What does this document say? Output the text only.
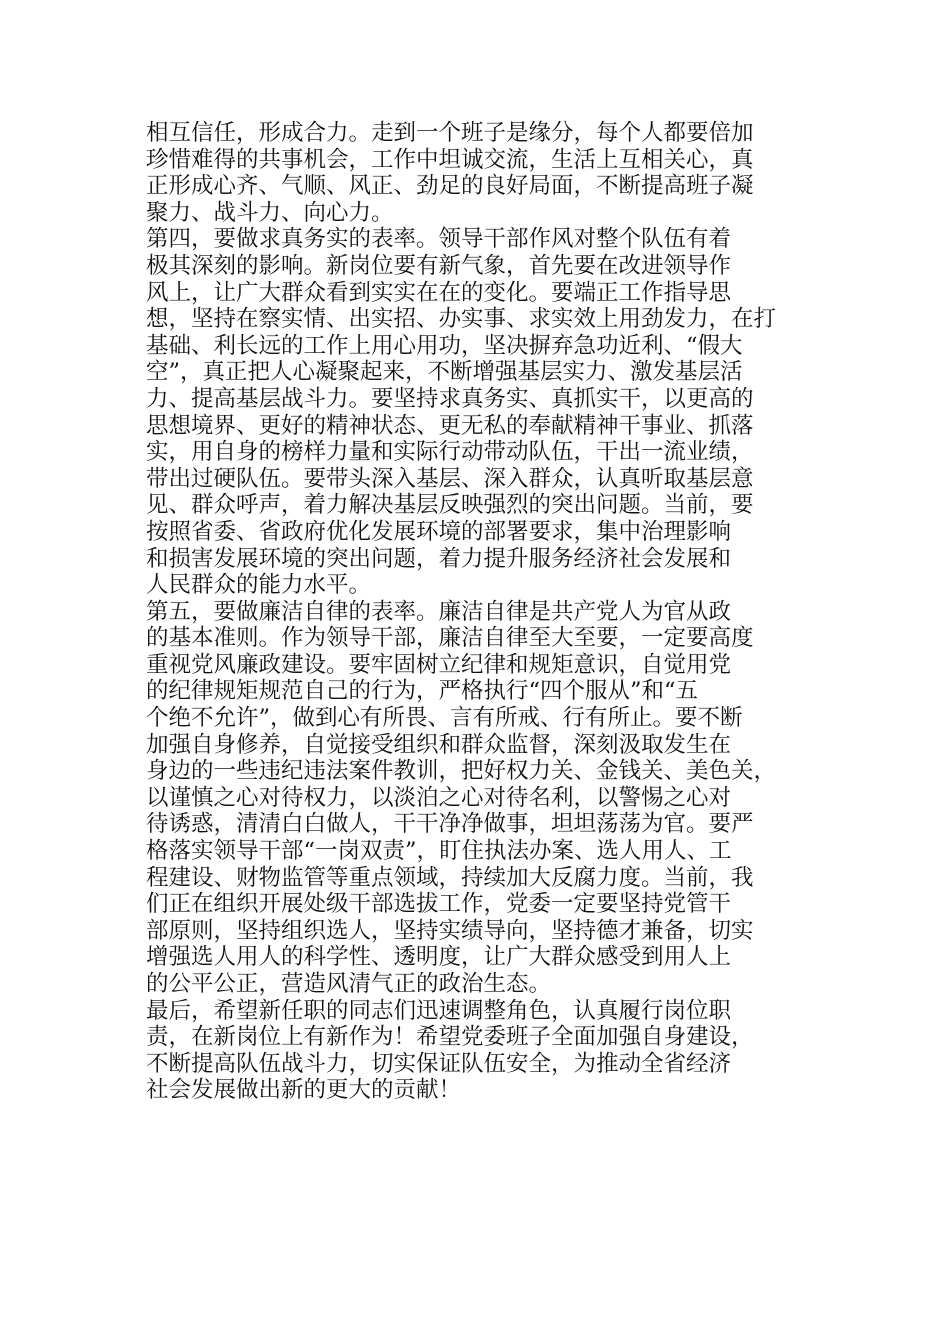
相互信任，形成合力。走到一个班子是缘分，每个人都要倍加
珍惜难得的共事机会，工作中坦诚交流，生活上互相关心，真
正形成心齐、气顺、风正、劲足的良好局面，不断提高班子凝
聚力、战斗力、向心力。
第四，要做求真务实的表率。领导干部作风对整个队伍有着
极其深刻的影响。新岗位要有新气象，首先要在改进领导作
风上，让广大群众看到实实在在的变化。要端正工作指导思
想，坚持在察实情、出实招、办实事、求实效上用劲发力，在打
基础、利长远的工作上用心用功，坚决摒弃急功近利、“假大
空”，真正把人心凝聚起来，不断增强基层实力、激发基层活
力、提高基层战斗力。要坚持求真务实、真抓实干，以更高的
思想境界、更好的精神状态、更无私的奉献精神干事业、抓落
实，用自身的榜样力量和实际行动带动队伍，干出一流业绩，
带出过硬队伍。要带头深入基层、深入群众，认真听取基层意
见、群众呼声，着力解决基层反映强烈的突出问题。当前，要
按照省委、省政府优化发展环境的部署要求，集中治理影响
和损害发展环境的突出问题，着力提升服务经济社会发展和
人民群众的能力水平。
第五，要做廉洁自律的表率。廉洁自律是共产党人为官从政
的基本准则。作为领导干部，廉洁自律至大至要，一定要高度
重视党风廉政建设。要牢固树立纪律和规矩意识，自觉用党
的纪律规矩规范自己的行为，严格执行“四个服从”和“五
个绝不允许”，做到心有所畏、言有所戒、行有所止。要不断
加强自身修养，自觉接受组织和群众监督，深刻汲取发生在
身边的一些违纪违法案件教训，把好权力关、金钱关、美色关，
以谨慎之心对待权力，以淡泊之心对待名利，以警惕之心对
待诱惑，清清白白做人，干干净净做事，坦坦荡荡为官。要严
格落实领导干部“一岗双责”，盯住执法办案、选人用人、工
程建设、财物监管等重点领域，持续加大反腐力度。当前，我
们正在组织开展处级干部选拔工作，党委一定要坚持党管干
部原则，坚持组织选人，坚持实绩导向，坚持德才兼备，切实
增强选人用人的科学性、透明度，让广大群众感受到用人上
的公平公正，营造风清气正的政治生态。
最后，希望新任职的同志们迅速调整角色，认真履行岗位职
责，在新岗位上有新作为！希望党委班子全面加强自身建设，
不断提高队伍战斗力，切实保证队伍安全，为推动全省经济
社会发展做出新的更大的贡献！
